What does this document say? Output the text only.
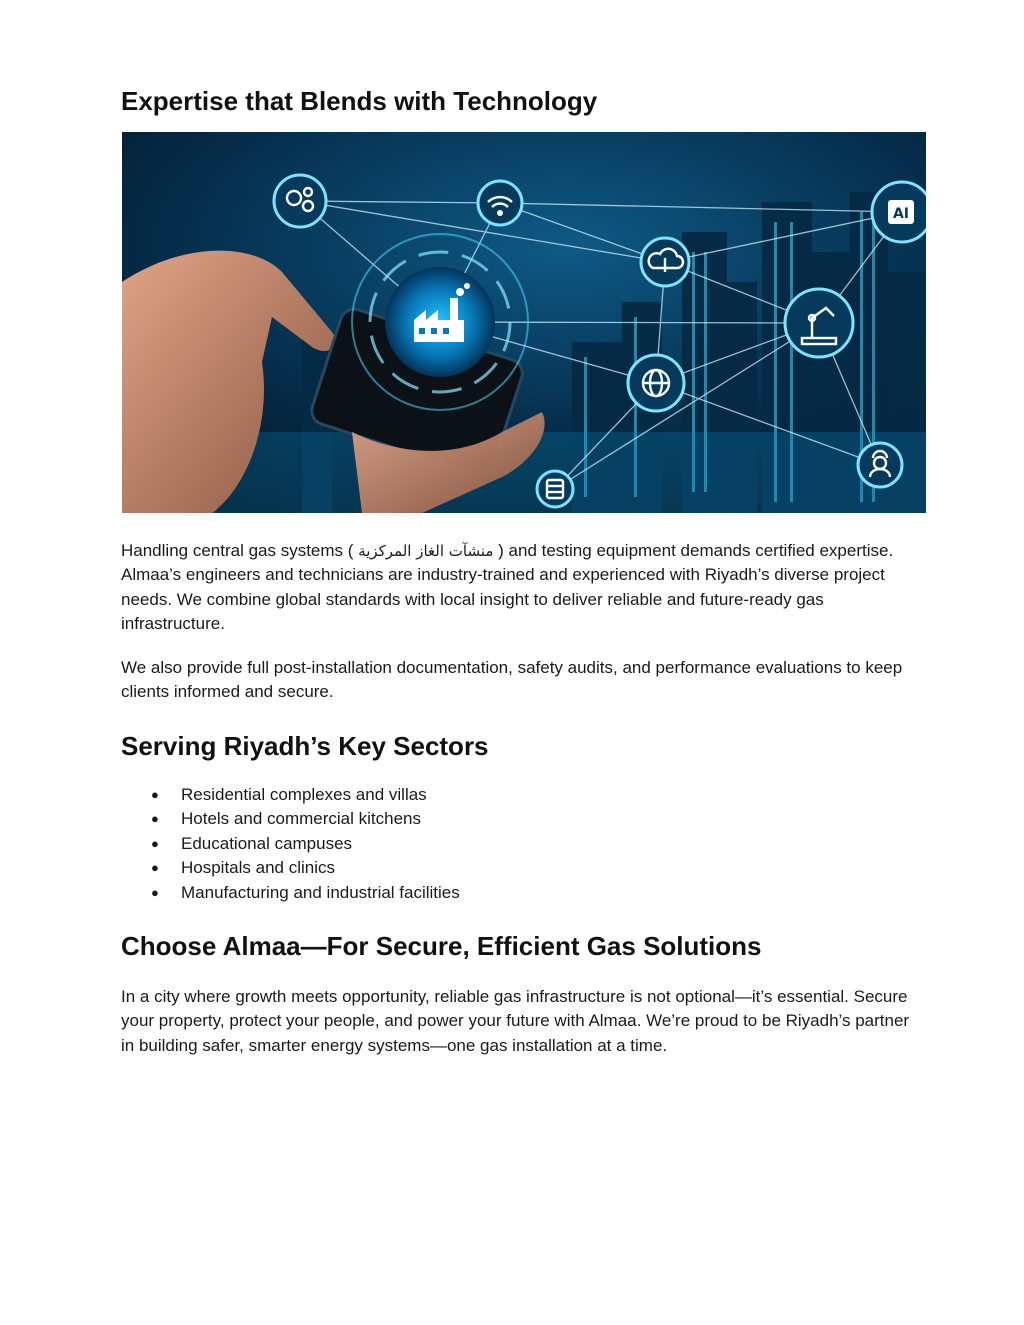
Expertise that Blends with Technology
AI

Handling central gas systems ( منشآت الغاز المركزية ) and testing equipment demands certified expertise. Almaa’s engineers and technicians are industry-trained and experienced with Riyadh’s diverse project needs. We combine global standards with local insight to deliver reliable and future-ready gas infrastructure.

We also provide full post-installation documentation, safety audits, and performance evaluations to keep clients informed and secure.

Serving Riyadh’s Key Sectors
● Residential complexes and villas
● Hotels and commercial kitchens
● Educational campuses
● Hospitals and clinics
● Manufacturing and industrial facilities
Choose Almaa—For Secure, Efficient Gas Solutions

In a city where growth meets opportunity, reliable gas infrastructure is not optional—it’s essential. Secure your property, protect your people, and power your future with Almaa. We’re proud to be Riyadh’s partner in building safer, smarter energy systems—one gas installation at a time.
